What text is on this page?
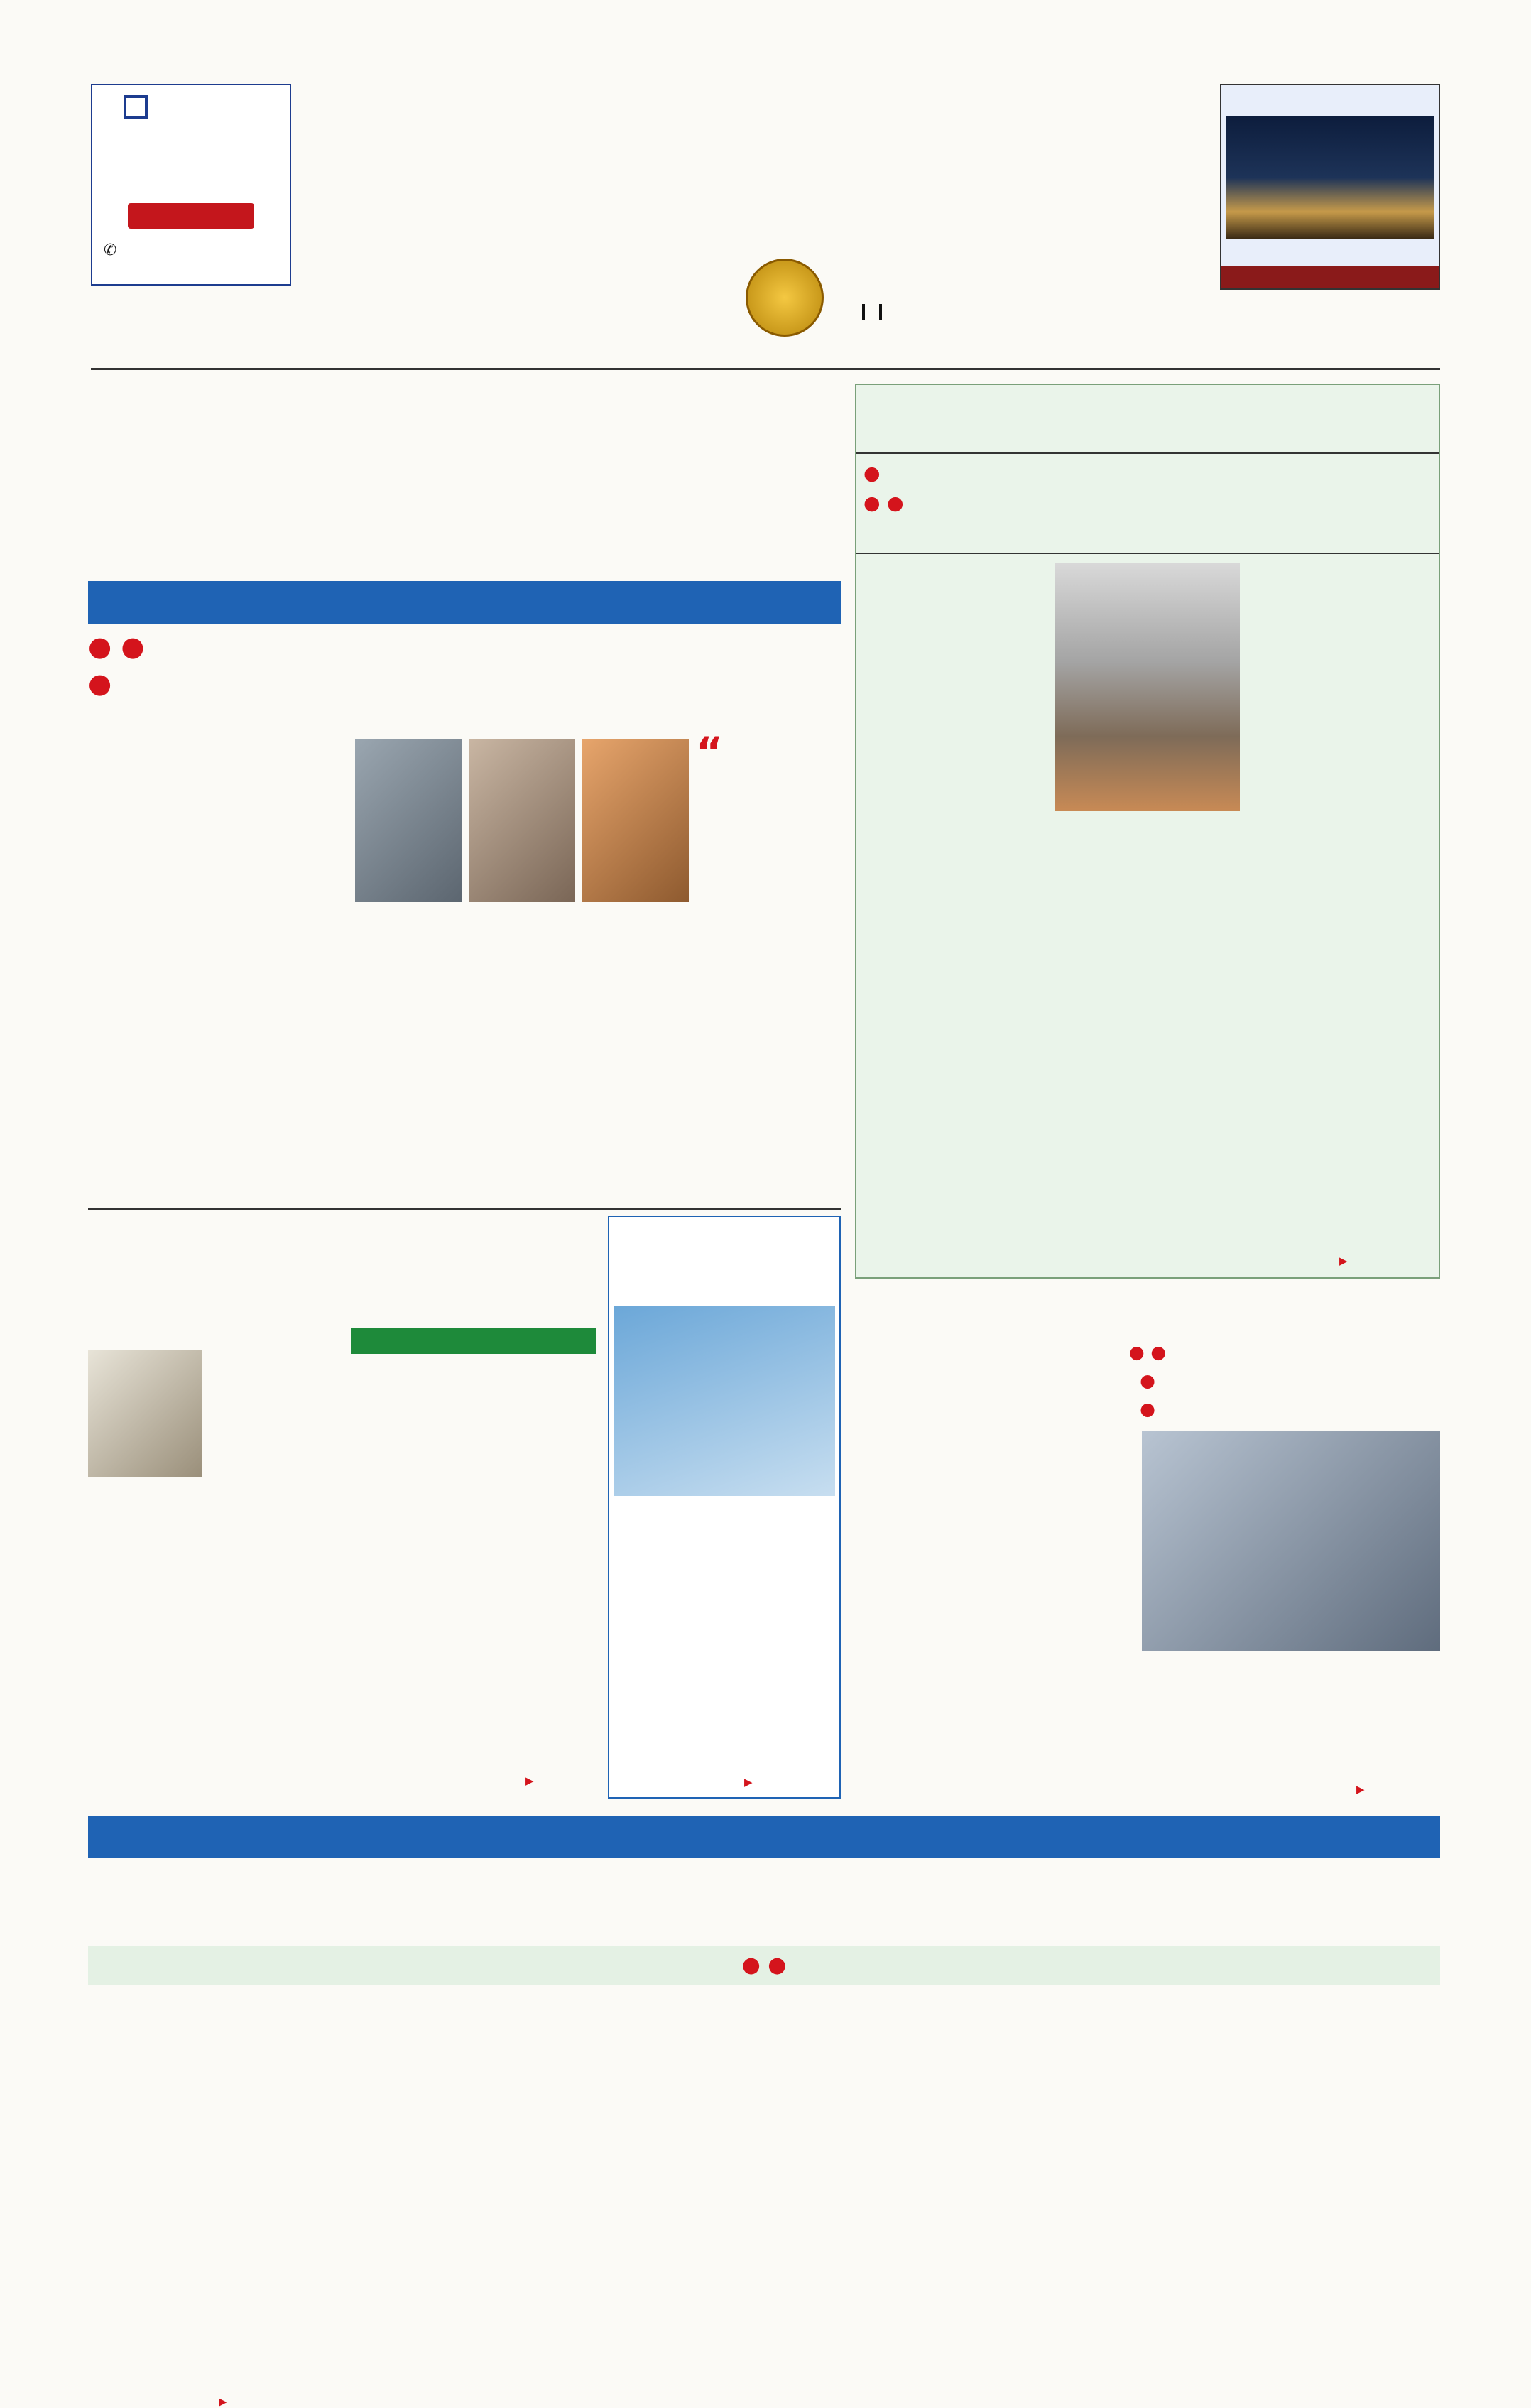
✆

● ●
●
“
●
● ●
▶
▶	▶
● ●
●
●
▶
● ●
▶
